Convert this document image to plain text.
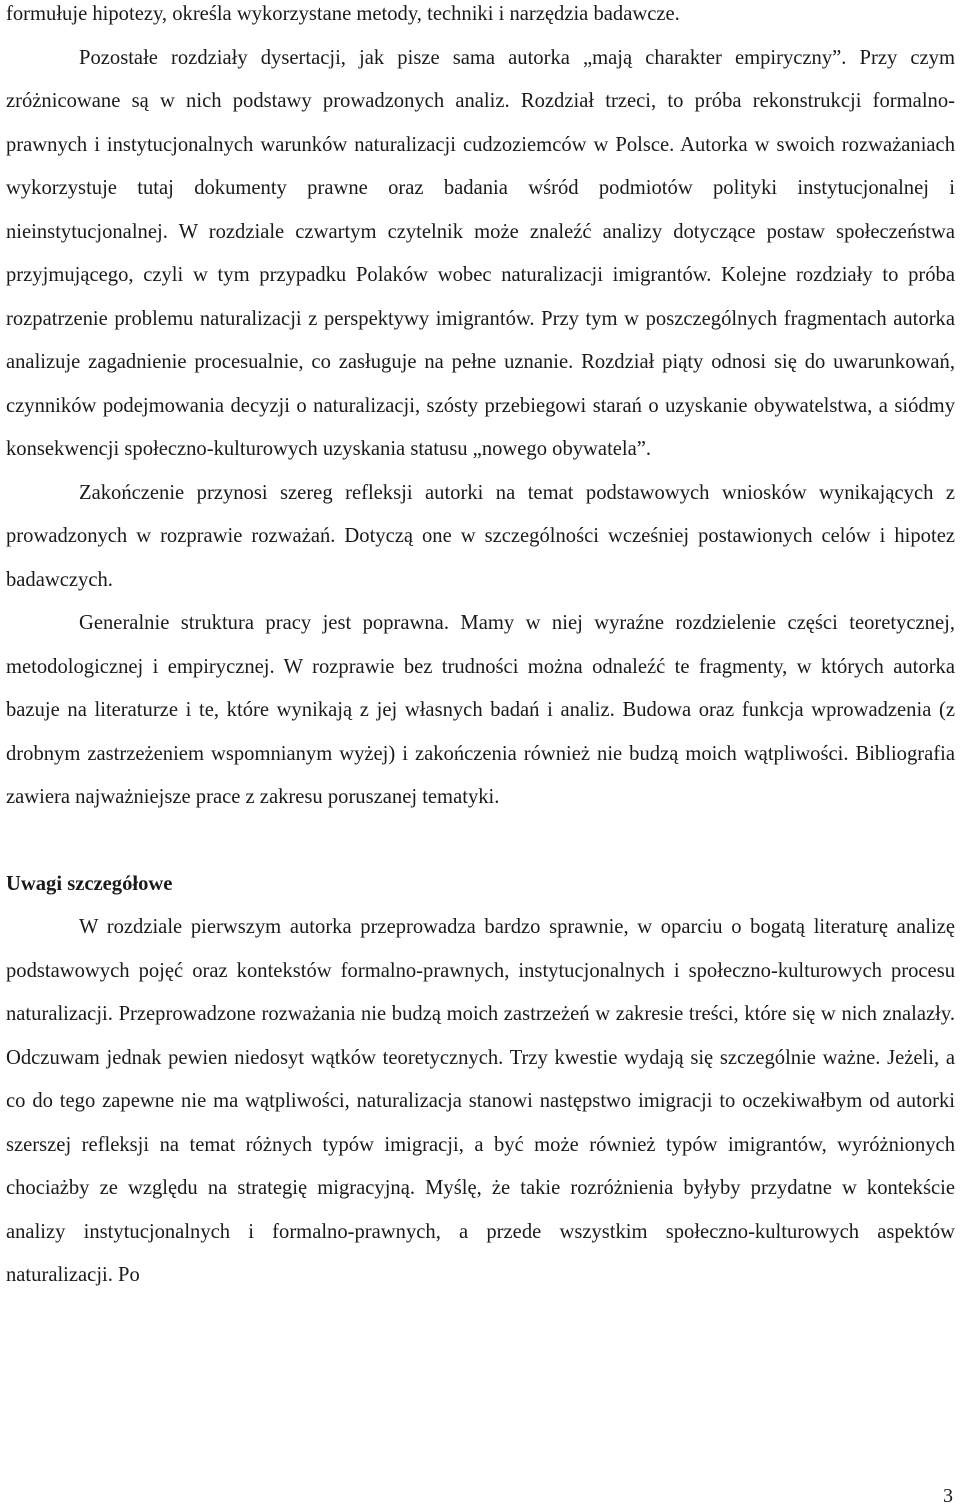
formułuje hipotezy, określa wykorzystane metody, techniki i narzędzia badawcze.

Pozostałe rozdziały dysertacji, jak pisze sama autorka „mają charakter empiryczny”. Przy czym zróżnicowane są w nich podstawy prowadzonych analiz. Rozdział trzeci, to próba rekonstrukcji formalno-prawnych i instytucjonalnych warunków naturalizacji cudzoziemców w Polsce. Autorka w swoich rozważaniach wykorzystuje tutaj dokumenty prawne oraz badania wśród podmiotów polityki instytucjonalnej i nieinstytucjonalnej. W rozdziale czwartym czytelnik może znaleźć analizy dotyczące postaw społeczeństwa przyjmującego, czyli w tym przypadku Polaków wobec naturalizacji imigrantów. Kolejne rozdziały to próba rozpatrzenie problemu naturalizacji z perspektywy imigrantów. Przy tym w poszczególnych fragmentach autorka analizuje zagadnienie procesualnie, co zasługuje na pełne uznanie. Rozdział piąty odnosi się do uwarunkowań, czynników podejmowania decyzji o naturalizacji, szósty przebiegowi starań o uzyskanie obywatelstwa, a siódmy konsekwencji społeczno-kulturowych uzyskania statusu „nowego obywatela”.

Zakończenie przynosi szereg refleksji autorki na temat podstawowych wniosków wynikających z prowadzonych w rozprawie rozważań. Dotyczą one w szczególności wcześniej postawionych celów i hipotez badawczych.

Generalnie struktura pracy jest poprawna. Mamy w niej wyraźne rozdzielenie części teoretycznej, metodologicznej i empirycznej. W rozprawie bez trudności można odnaleźć te fragmenty, w których autorka bazuje na literaturze i te, które wynikają z jej własnych badań i analiz. Budowa oraz funkcja wprowadzenia (z drobnym zastrzeżeniem wspomnianym wyżej) i zakończenia również nie budzą moich wątpliwości. Bibliografia zawiera najważniejsze prace z zakresu poruszanej tematyki.

Uwagi szczegółowe

W rozdziale pierwszym autorka przeprowadza bardzo sprawnie, w oparciu o bogatą literaturę analizę podstawowych pojęć oraz kontekstów formalno-prawnych, instytucjonalnych i społeczno-kulturowych procesu naturalizacji. Przeprowadzone rozważania nie budzą moich zastrzeżeń w zakresie treści, które się w nich znalazły. Odczuwam jednak pewien niedosyt wątków teoretycznych. Trzy kwestie wydają się szczególnie ważne. Jeżeli, a co do tego zapewne nie ma wątpliwości, naturalizacja stanowi następstwo imigracji to oczekiwałbym od autorki szerszej refleksji na temat różnych typów imigracji, a być może również typów imigrantów, wyróżnionych chociażby ze względu na strategię migracyjną. Myślę, że takie rozróżnienia byłyby przydatne w kontekście analizy instytucjonalnych i formalno-prawnych, a przede wszystkim społeczno-kulturowych aspektów naturalizacji. Po

3
